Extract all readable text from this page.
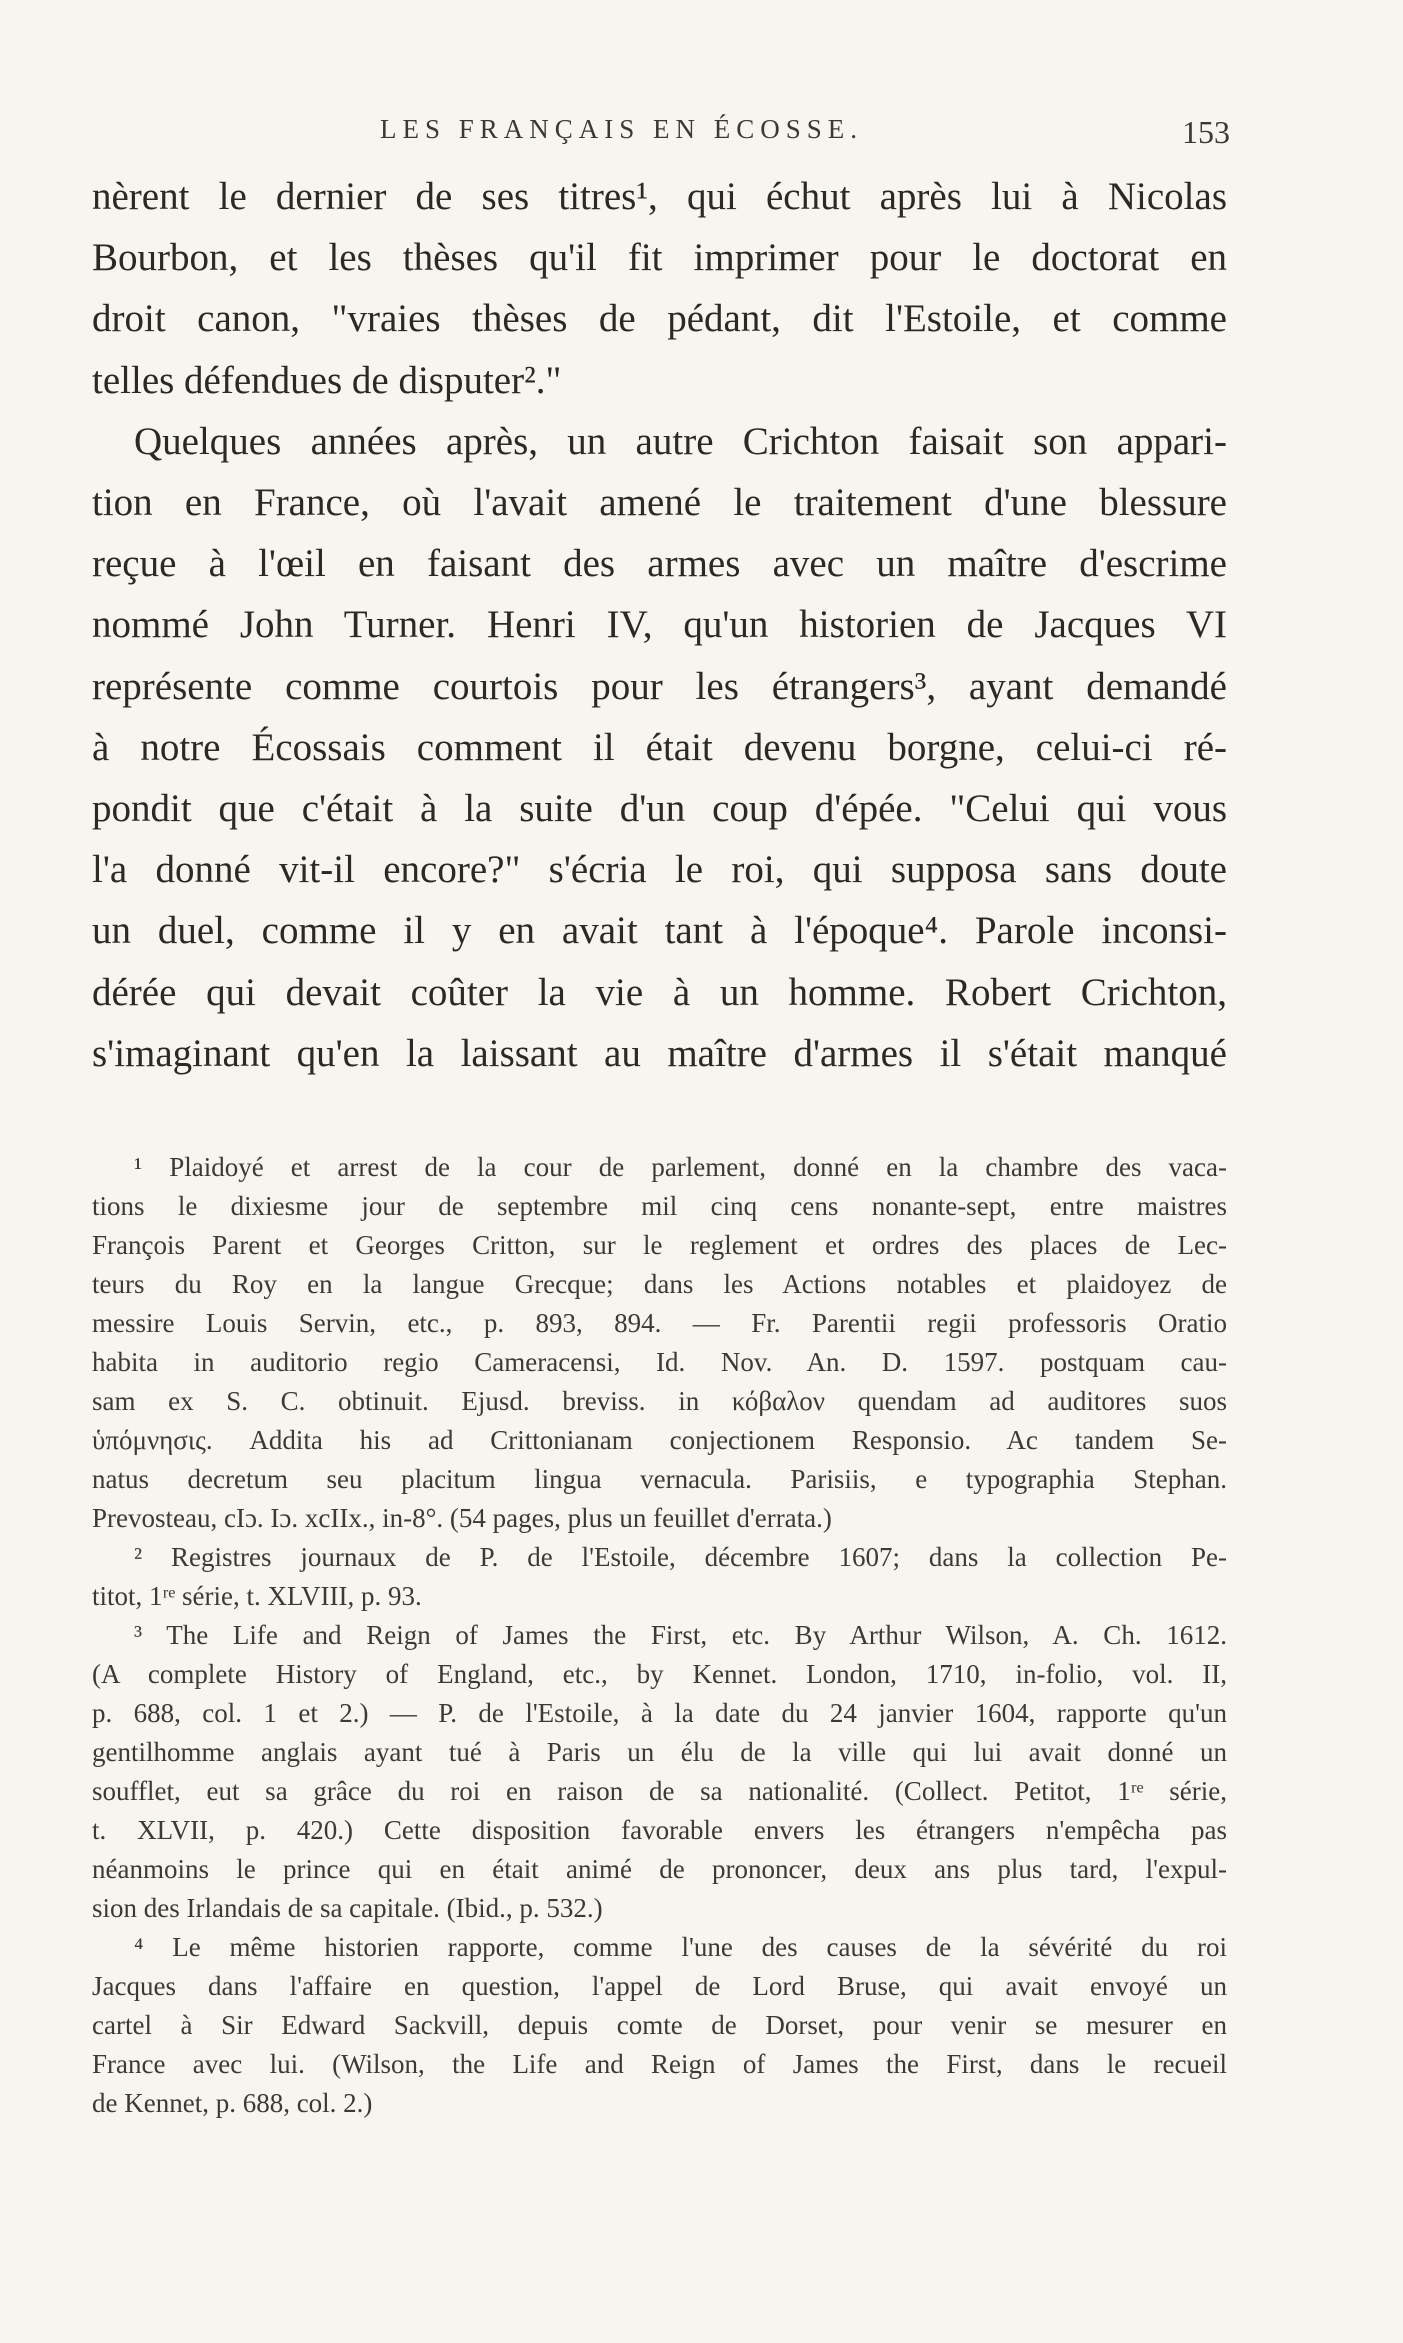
LES FRANÇAIS EN ÉCOSSE.	153
nèrent le dernier de ses titres¹, qui échut après lui à Nicolas
Bourbon, et les thèses qu'il fit imprimer pour le doctorat en
droit canon, "vraies thèses de pédant, dit l'Estoile, et comme
telles défendues de disputer²."
Quelques années après, un autre Crichton faisait son appari-
tion en France, où l'avait amené le traitement d'une blessure
reçue à l'œil en faisant des armes avec un maître d'escrime
nommé John Turner. Henri IV, qu'un historien de Jacques VI
représente comme courtois pour les étrangers³, ayant demandé
à notre Écossais comment il était devenu borgne, celui-ci ré-
pondit que c'était à la suite d'un coup d'épée. "Celui qui vous
l'a donné vit-il encore?" s'écria le roi, qui supposa sans doute
un duel, comme il y en avait tant à l'époque⁴. Parole inconsi-
dérée qui devait coûter la vie à un homme. Robert Crichton,
s'imaginant qu'en la laissant au maître d'armes il s'était manqué
¹ Plaidoyé et arrest de la cour de parlement, donné en la chambre des vaca-
tions le dixiesme jour de septembre mil cinq cens nonante-sept, entre maistres
François Parent et Georges Critton, sur le reglement et ordres des places de Lec-
teurs du Roy en la langue Grecque; dans les Actions notables et plaidoyez de
messire Louis Servin, etc., p. 893, 894. — Fr. Parentii regii professoris Oratio
habita in auditorio regio Cameracensi, Id. Nov. An. D. 1597. postquam cau-
sam ex S. C. obtinuit. Ejusd. breviss. in κόβαλον quendam ad auditores suos
ὑπόμνησις. Addita his ad Crittonianam conjectionem Responsio. Ac tandem Se-
natus decretum seu placitum lingua vernacula. Parisiis, e typographia Stephan.
Prevosteau, cIɔ. Iɔ. xcIIx., in-8°. (54 pages, plus un feuillet d'errata.)
² Registres journaux de P. de l'Estoile, décembre 1607; dans la collection Pe-
titot, 1ʳᵉ série, t. XLVIII, p. 93.
³ The Life and Reign of James the First, etc. By Arthur Wilson, A. Ch. 1612.
(A complete History of England, etc., by Kennet. London, 1710, in-folio, vol. II,
p. 688, col. 1 et 2.) — P. de l'Estoile, à la date du 24 janvier 1604, rapporte qu'un
gentilhomme anglais ayant tué à Paris un élu de la ville qui lui avait donné un
soufflet, eut sa grâce du roi en raison de sa nationalité. (Collect. Petitot, 1ʳᵉ série,
t. XLVII, p. 420.) Cette disposition favorable envers les étrangers n'empêcha pas
néanmoins le prince qui en était animé de prononcer, deux ans plus tard, l'expul-
sion des Irlandais de sa capitale. (Ibid., p. 532.)
⁴ Le même historien rapporte, comme l'une des causes de la sévérité du roi
Jacques dans l'affaire en question, l'appel de Lord Bruse, qui avait envoyé un
cartel à Sir Edward Sackvill, depuis comte de Dorset, pour venir se mesurer en
France avec lui. (Wilson, the Life and Reign of James the First, dans le recueil
de Kennet, p. 688, col. 2.)
